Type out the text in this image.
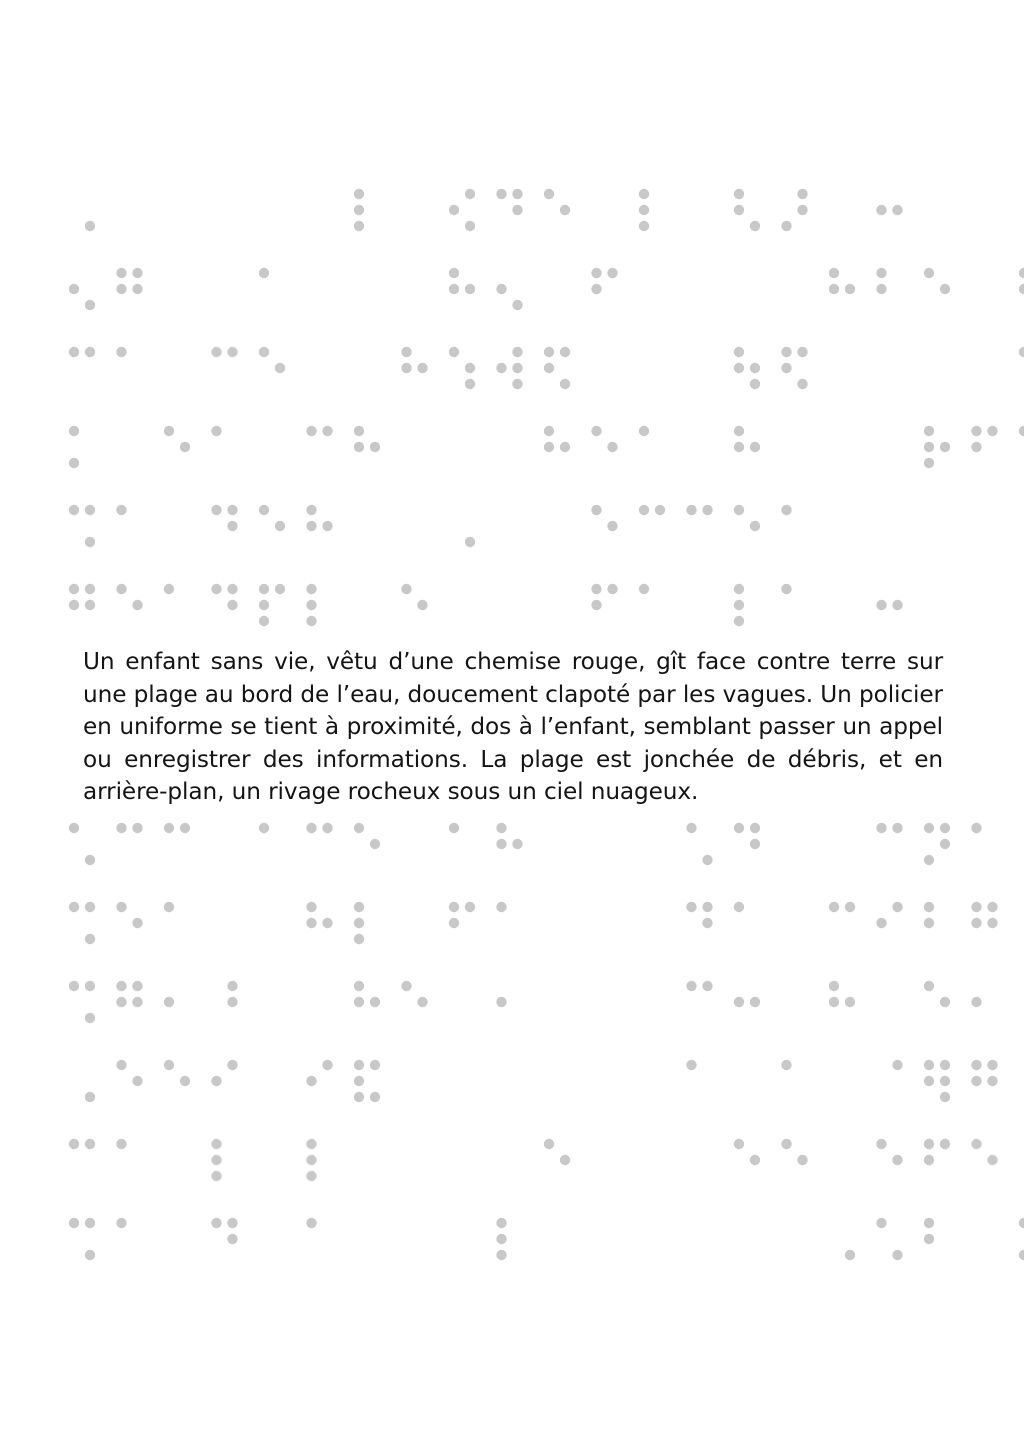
Un enfant sans vie, vêtu d’une chemise rouge, gît face contre terre sur une plage au bord de l’eau, doucement clapoté par les vagues. Un policier en uniforme se tient à proximité, dos à l’enfant, semblant passer un appel ou enregistrer des informations. La plage est jonchée de débris, et en arrière-plan, un rivage rocheux sous un ciel nuageux.
